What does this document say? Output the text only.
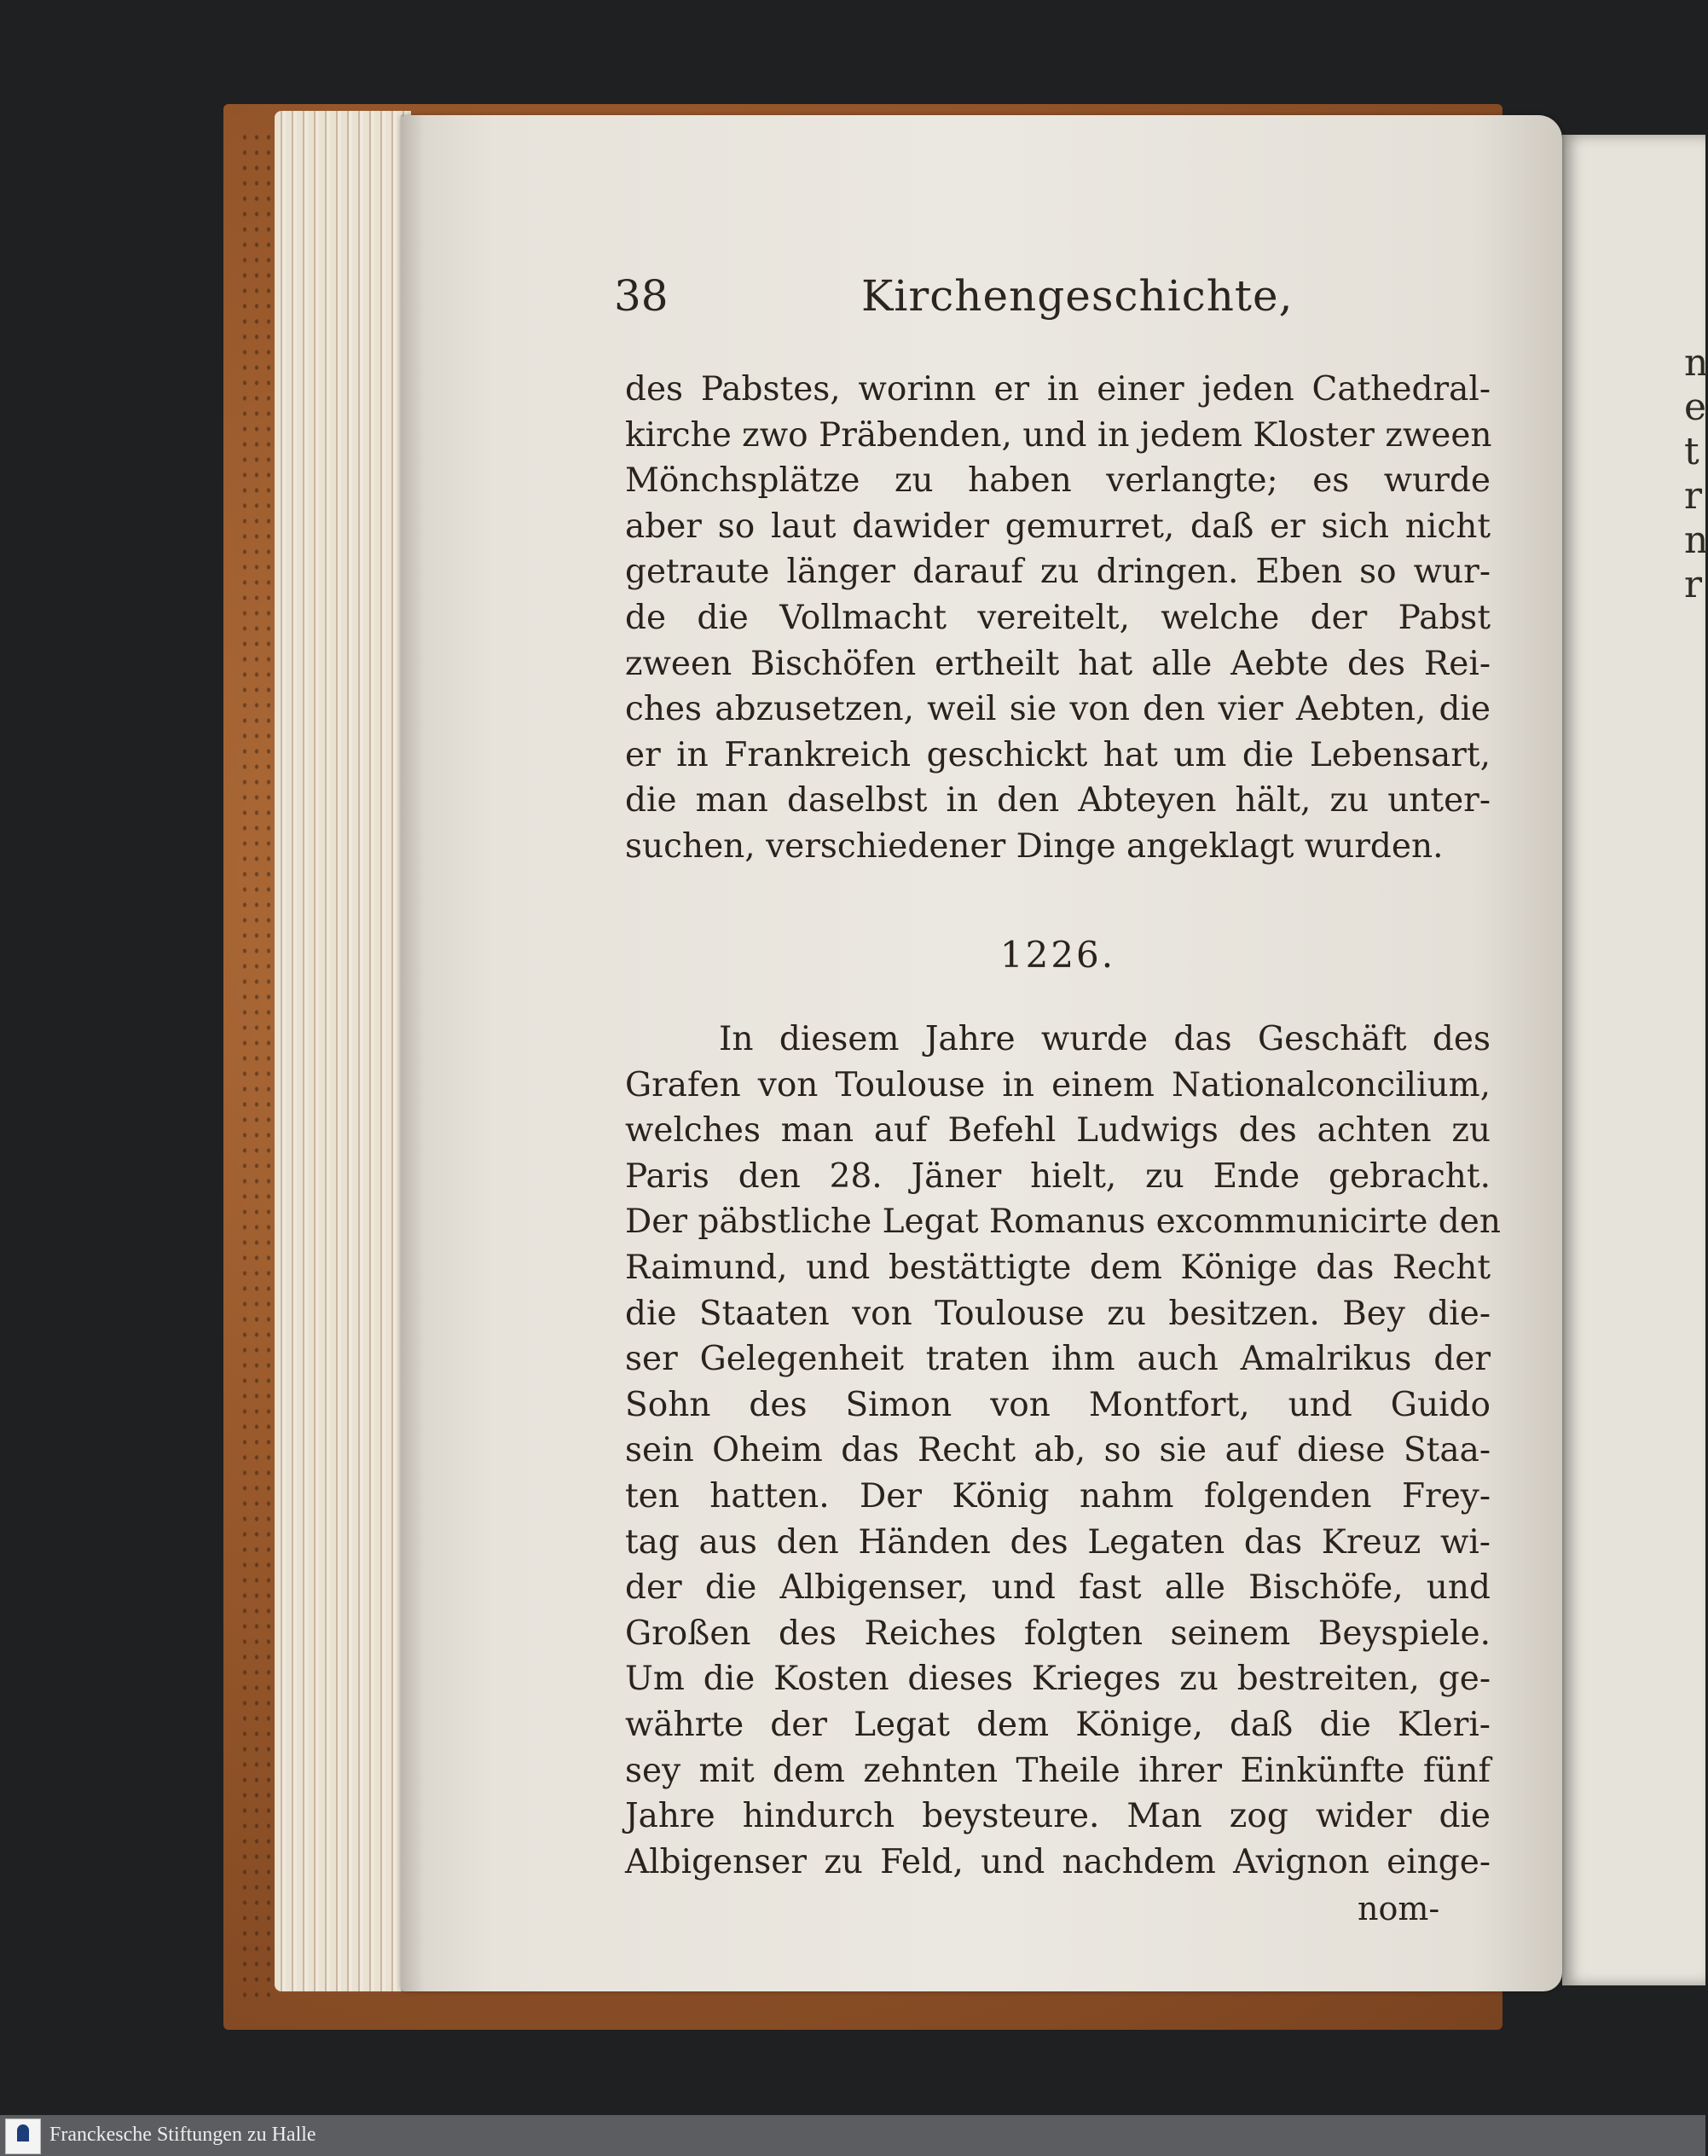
n
e
t
r
n
r
38	Kirchengeschichte,
des Pabstes, worinn er in einer jeden Cathedral-
kirche zwo Präbenden, und in jedem Kloster zween
Mönchsplätze zu haben verlangte; es wurde
aber so laut dawider gemurret, daß er sich nicht
getraute länger darauf zu dringen. Eben so wur-
de die Vollmacht vereitelt, welche der Pabst
zween Bischöfen ertheilt hat alle Aebte des Rei-
ches abzusetzen, weil sie von den vier Aebten, die
er in Frankreich geschickt hat um die Lebensart,
die man daselbst in den Abteyen hält, zu unter-
suchen, verschiedener Dinge angeklagt wurden.
1226.
In diesem Jahre wurde das Geschäft des
Grafen von Toulouse in einem Nationalconcilium,
welches man auf Befehl Ludwigs des achten zu
Paris den 28. Jäner hielt, zu Ende gebracht.
Der päbstliche Legat Romanus excommunicirte den
Raimund, und bestättigte dem Könige das Recht
die Staaten von Toulouse zu besitzen. Bey die-
ser Gelegenheit traten ihm auch Amalrikus der
Sohn des Simon von Montfort, und Guido
sein Oheim das Recht ab, so sie auf diese Staa-
ten hatten. Der König nahm folgenden Frey-
tag aus den Händen des Legaten das Kreuz wi-
der die Albigenser, und fast alle Bischöfe, und
Großen des Reiches folgten seinem Beyspiele.
Um die Kosten dieses Krieges zu bestreiten, ge-
währte der Legat dem Könige, daß die Kleri-
sey mit dem zehnten Theile ihrer Einkünfte fünf
Jahre hindurch beysteure. Man zog wider die
Albigenser zu Feld, und nachdem Avignon einge-
nom-
Franckesche Stiftungen zu Halle
